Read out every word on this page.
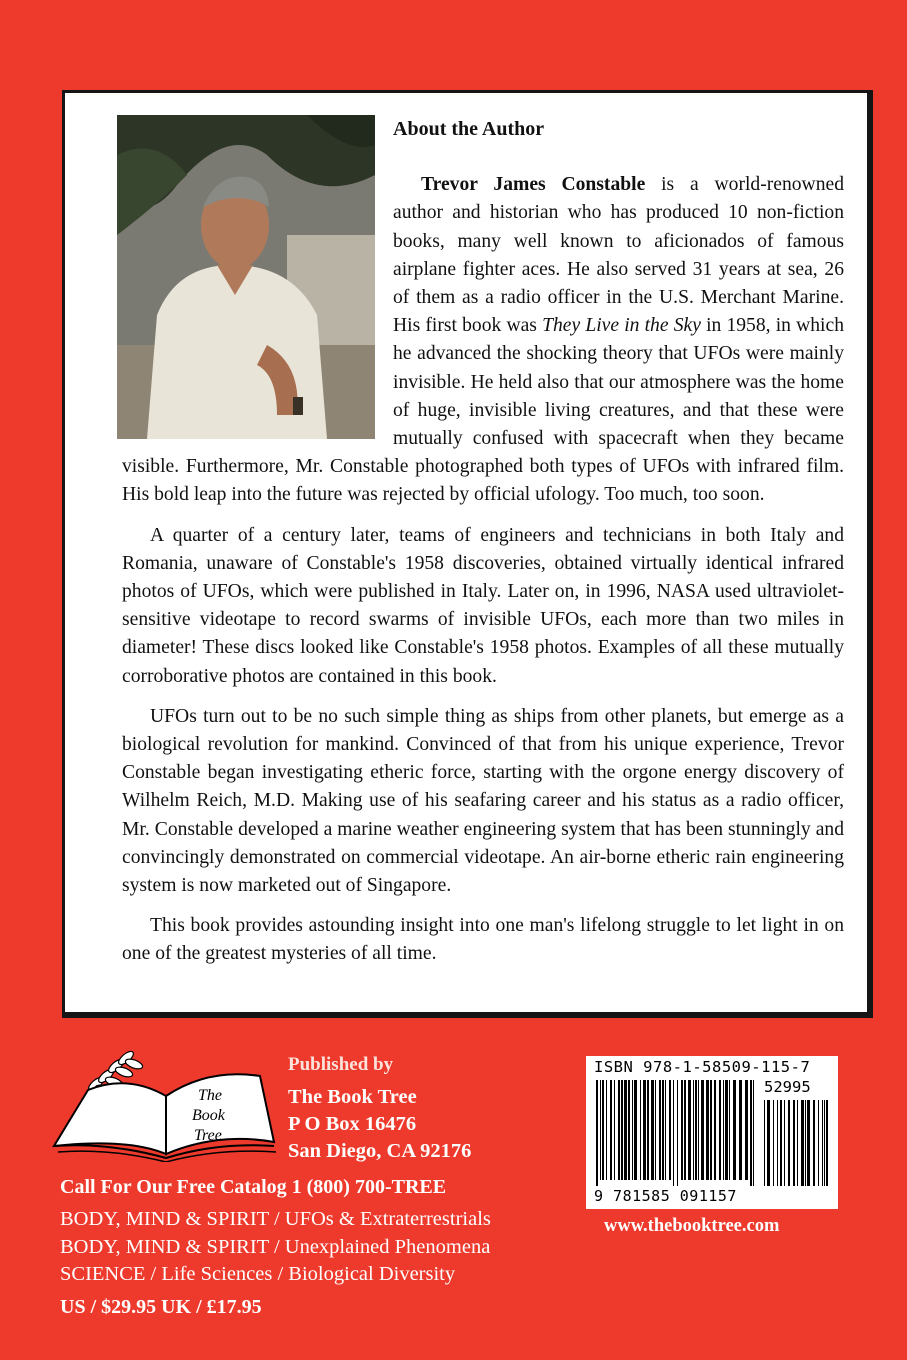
About the Author

Trevor James Constable is a world-renowned author and historian who has produced 10 non-fiction books, many well known to aficionados of famous airplane fighter aces. He also served 31 years at sea, 26 of them as a radio officer in the U.S. Merchant Marine. His first book was They Live in the Sky in 1958, in which he advanced the shocking theory that UFOs were mainly invisible. He held also that our atmosphere was the home of huge, invisible living creatures, and that these were mutually confused with spacecraft when they became visible. Furthermore, Mr. Constable photographed both types of UFOs with infrared film. His bold leap into the future was rejected by official ufology. Too much, too soon.

A quarter of a century later, teams of engineers and technicians in both Italy and Romania, unaware of Constable's 1958 discoveries, obtained virtually identical infrared photos of UFOs, which were published in Italy. Later on, in 1996, NASA used ultraviolet-sensitive videotape to record swarms of invisible UFOs, each more than two miles in diameter! These discs looked like Constable's 1958 photos. Examples of all these mutually corroborative photos are contained in this book.

UFOs turn out to be no such simple thing as ships from other planets, but emerge as a biological revolution for mankind. Convinced of that from his unique experience, Trevor Constable began investigating etheric force, starting with the orgone energy discovery of Wilhelm Reich, M.D. Making use of his seafaring career and his status as a radio officer, Mr. Constable developed a marine weather engineering system that has been stunningly and convincingly demonstrated on commercial videotape. An air-borne etheric rain engineering system is now marketed out of Singapore.

This book provides astounding insight into one man's lifelong struggle to let light in on one of the greatest mysteries of all time.

The
Book
Tree
Published by
The Book Tree
P O Box 16476
San Diego, CA 92176
ISBN 978-1-58509-115-7
52995
9 781585 091157
www.thebooktree.com
Call For Our Free Catalog 1 (800) 700-TREE
BODY, MIND & SPIRIT / UFOs & Extraterrestrials
BODY, MIND & SPIRIT / Unexplained Phenomena
SCIENCE / Life Sciences / Biological Diversity
US / $29.95 UK / £17.95
